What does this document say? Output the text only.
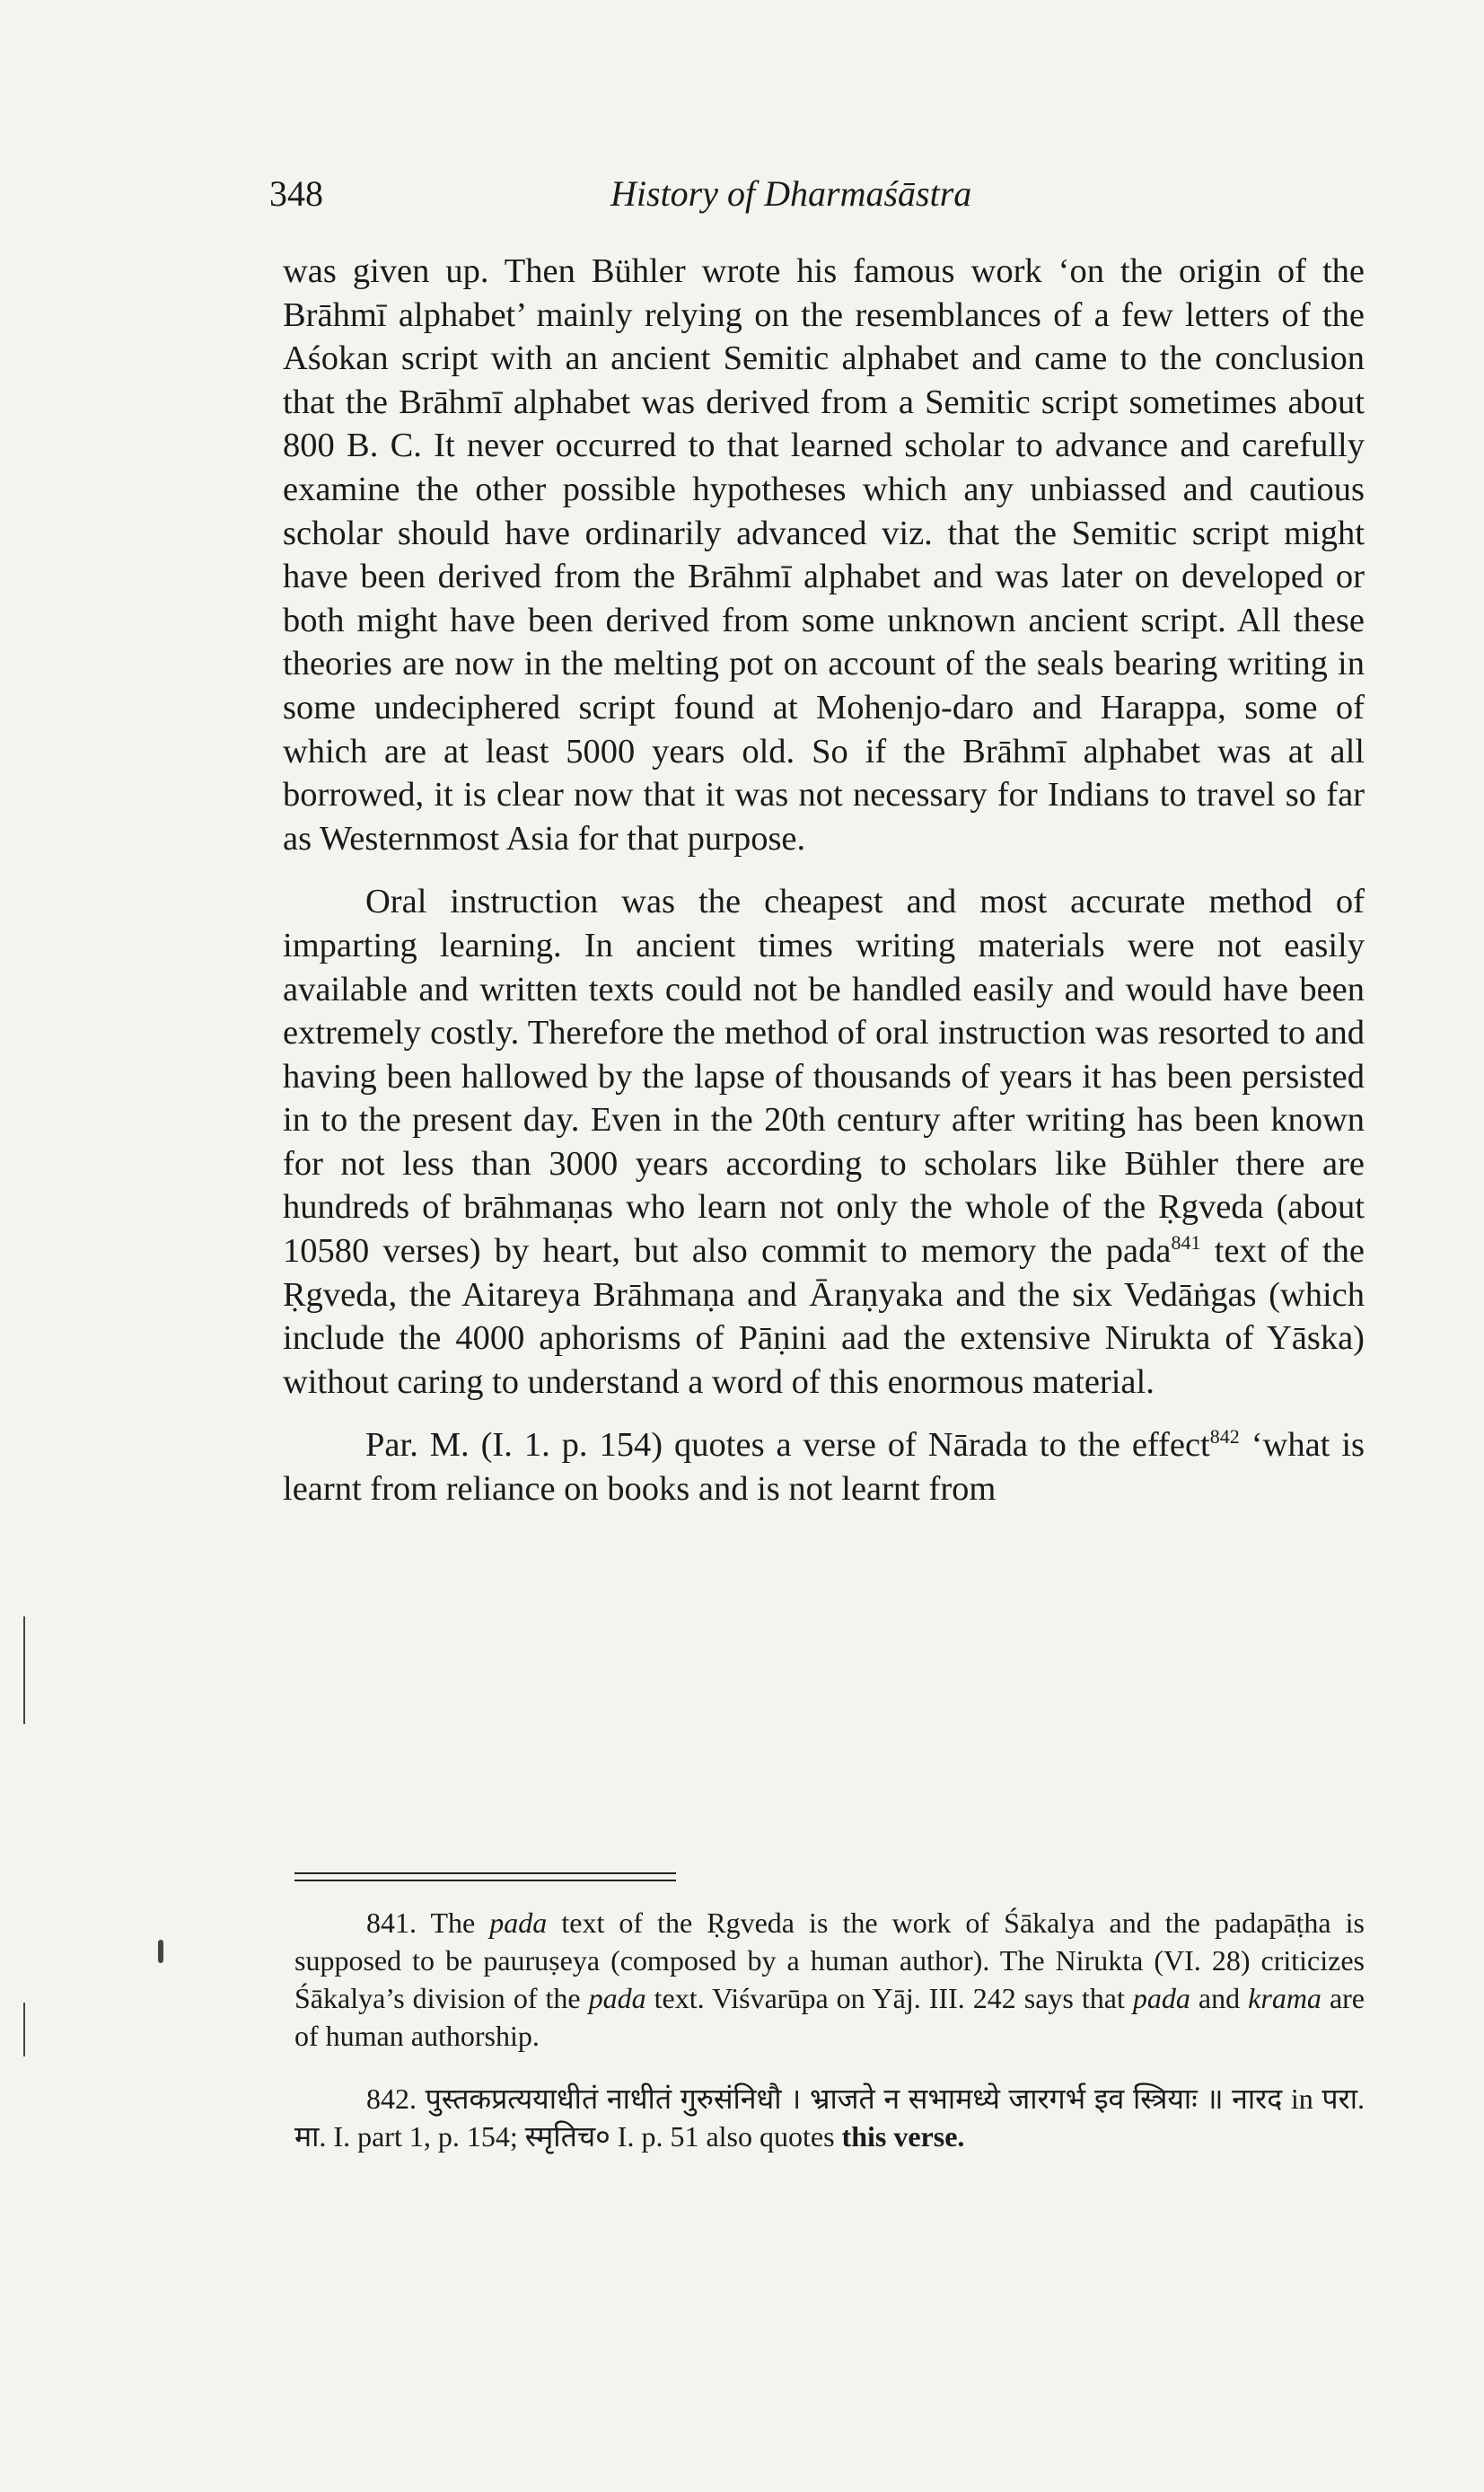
348	History of Dharmaśāstra

was given up. Then Bühler wrote his famous work ‘on the origin of the Brāhmī alphabet’ mainly relying on the resemblances of a few letters of the Aśokan script with an ancient Semitic alphabet and came to the conclusion that the Brāhmī alphabet was derived from a Semitic script sometimes about 800 B. C. It never occurred to that learned scholar to advance and carefully examine the other possible hypotheses which any unbiassed and cautious scholar should have ordinarily advanced viz. that the Semitic script might have been derived from the Brāhmī alphabet and was later on developed or both might have been derived from some unknown ancient script. All these theories are now in the melting pot on account of the seals bearing writing in some undeciphered script found at Mohenjo-daro and Harappa, some of which are at least 5000 years old. So if the Brāhmī alphabet was at all borrowed, it is clear now that it was not necessary for Indians to travel so far as Westernmost Asia for that purpose.

Oral instruction was the cheapest and most accurate method of imparting learning. In ancient times writing materials were not easily available and written texts could not be handled easily and would have been extremely costly. Therefore the method of oral instruction was resorted to and having been hallowed by the lapse of thousands of years it has been persisted in to the present day. Even in the 20th century after writing has been known for not less than 3000 years according to scholars like Bühler there are hundreds of brāhmaṇas who learn not only the whole of the Ṛgveda (about 10580 verses) by heart, but also commit to memory the pada$^{841}$ text of the Ṛgveda, the Aitareya Brāhmaṇa and Āraṇyaka and the six Vedāṅgas (which include the 4000 aphorisms of Pāṇini aad the extensive Nirukta of Yāska) without caring to understand a word of this enormous material.

Par. M. (I. 1. p. 154) quotes a verse of Nārada to the effect$^{842}$ ‘what is learnt from reliance on books and is not learnt from

841. The pada text of the Ṛgveda is the work of Śākalya and the padapāṭha is supposed to be pauruṣeya (composed by a human author). The Nirukta (VI. 28) criticizes Śākalya’s division of the pada text. Viśvarūpa on Yāj. III. 242 says that pada and krama are of human authorship.

842. पुस्तकप्रत्ययाधीतं नाधीतं गुरुसंनिधौ । भ्राजते न सभामध्ये जारगर्भ इव स्त्रियाः ॥ नारद in परा. मा. I. part 1, p. 154; स्मृतिच० I. p. 51 also quotes this verse.
